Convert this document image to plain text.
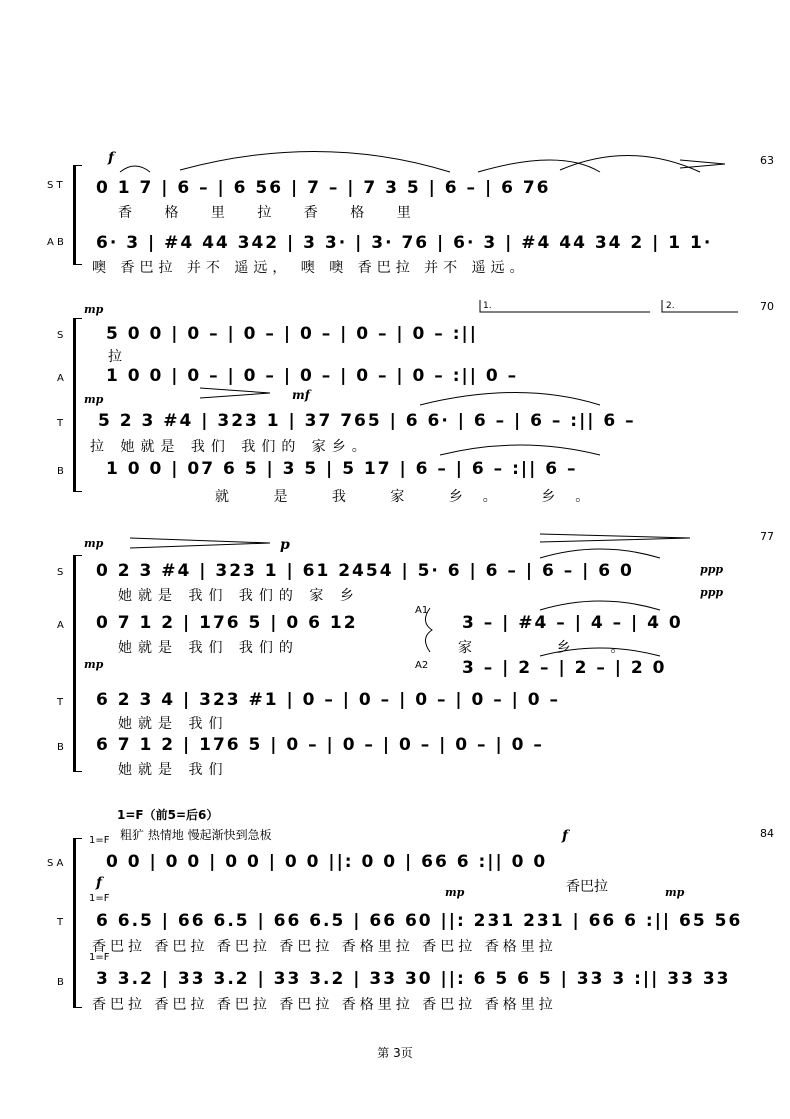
f	63
S T 0 1 7 | 6 – | 6 56 | 7 – | 7 3 5 | 6 – | 6 76
香 格 里 拉 香 格 里
A B 6· 3 | #4 44 342 | 3 3· | 3· 76 | 6· 3 | #4 44 34 2 | 1 1·
噢 香巴拉 并不 遥远， 噢 噢 香巴拉 并不 遥远。
70
mp
mp	mf
1.	2.
S	5 0 0 | 0 – | 0 – | 0 – | 0 – | 0 – :||
拉
A 1 0 0 | 0 – | 0 – | 0 – | 0 – | 0 – :|| 0 –
T 5 2 3 #4 | 323 1 | 37 765 | 6 6· | 6 – | 6 – :|| 6 –
拉 她就是 我们 我们的 家乡。
B 1 0 0 | 07 6 5 | 3 5 | 5 17 | 6 – | 6 – :|| 6 –
就 是 我 家 乡。 乡。
77
mp	p
ppp
ppp
mp
S 0 2 3 #4 | 323 1 | 61 2454 | 5· 6 | 6 – | 6 – | 6 0
她就是 我们 我们的 家 乡
A 0 7 1 2 | 176 5 | 0 6 12
她就是 我们 我们的
A1
3 – | #4 – | 4 – | 4 0
家 乡。
A2 3 – | 2 – | 2 – | 2 0
T 6 2 3 4 | 323 #1 | 0 – | 0 – | 0 – | 0 – | 0 –
她就是 我们
B 6 7 1 2 | 176 5 | 0 – | 0 – | 0 – | 0 – | 0 –
她就是 我们
1=F（前5=后6）
粗犷 热情地 慢起渐快到急板	84
1=F
1=F
1=F
f
f
mp	mp
S A	0 0 | 0 0 | 0 0 | 0 0 ||: 0 0 | 66 6 :|| 0 0
香巴拉
T 6 6.5 | 66 6.5 | 66 6.5 | 66 60 ||: 231 231 | 66 6 :|| 65 56
香巴拉 香巴拉 香巴拉 香巴拉 香格里拉 香巴拉 香格里拉
B 3 3.2 | 33 3.2 | 33 3.2 | 33 30 ||: 6 5 6 5 | 33 3 :|| 33 33
香巴拉 香巴拉 香巴拉 香巴拉 香格里拉 香巴拉 香格里拉
第 3页
